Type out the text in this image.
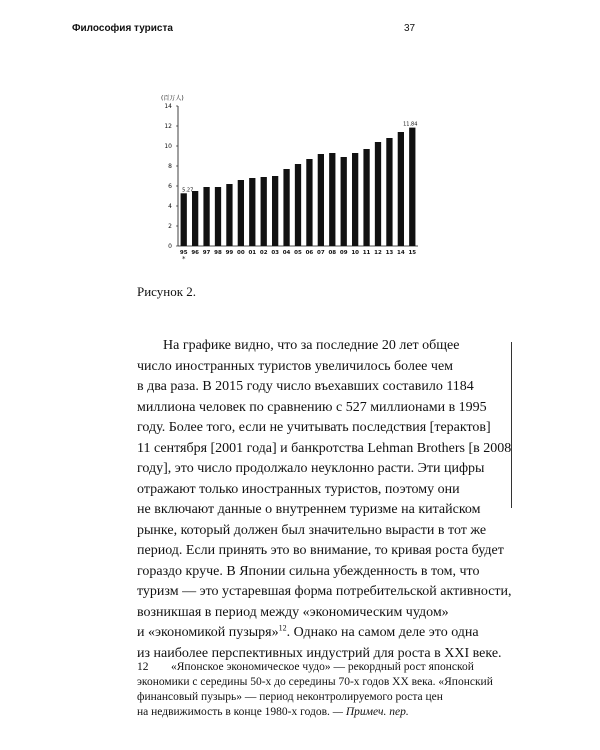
Философия туриста	37
(百万人)
0
2
4
6
8
10
12
14
95
*
96 97 98 99 00 01 02 03 04 05 06 07 08 09 10 11 12 13 14 15
5.27
11.84
Рисунок 2.
На графике видно, что за последние 20 лет общее
число иностранных туристов увеличилось более чем
в два раза. В 2015 году число въехавших составило 1184
миллиона человек по сравнению с 527 миллионами в 1995
году. Более того, если не учитывать последствия [терактов]
11 сентября [2001 года] и банкротства Lehman Brothers [в 2008
году], это число продолжало неуклонно расти. Эти цифры
отражают только иностранных туристов, поэтому они
не включают данные о внутреннем туризме на китайском
рынке, который должен был значительно вырасти в тот же
период. Если принять это во внимание, то кривая роста будет
гораздо круче. В Японии сильна убежденность в том, что
туризм — это устаревшая форма потребительской активности,
возникшая в период между «экономическим чудом»
и «экономикой пузыря»$^{12}$. Однако на самом деле это одна
из наиболее перспективных индустрий для роста в XXI веке.
12 «Японское экономическое чудо» — рекордный рост японской
экономики с середины 50-х до середины 70-х годов XX века. «Японский
финансовый пузырь» — период неконтролируемого роста цен
на недвижимость в конце 1980-х годов. — Примеч. пер.
